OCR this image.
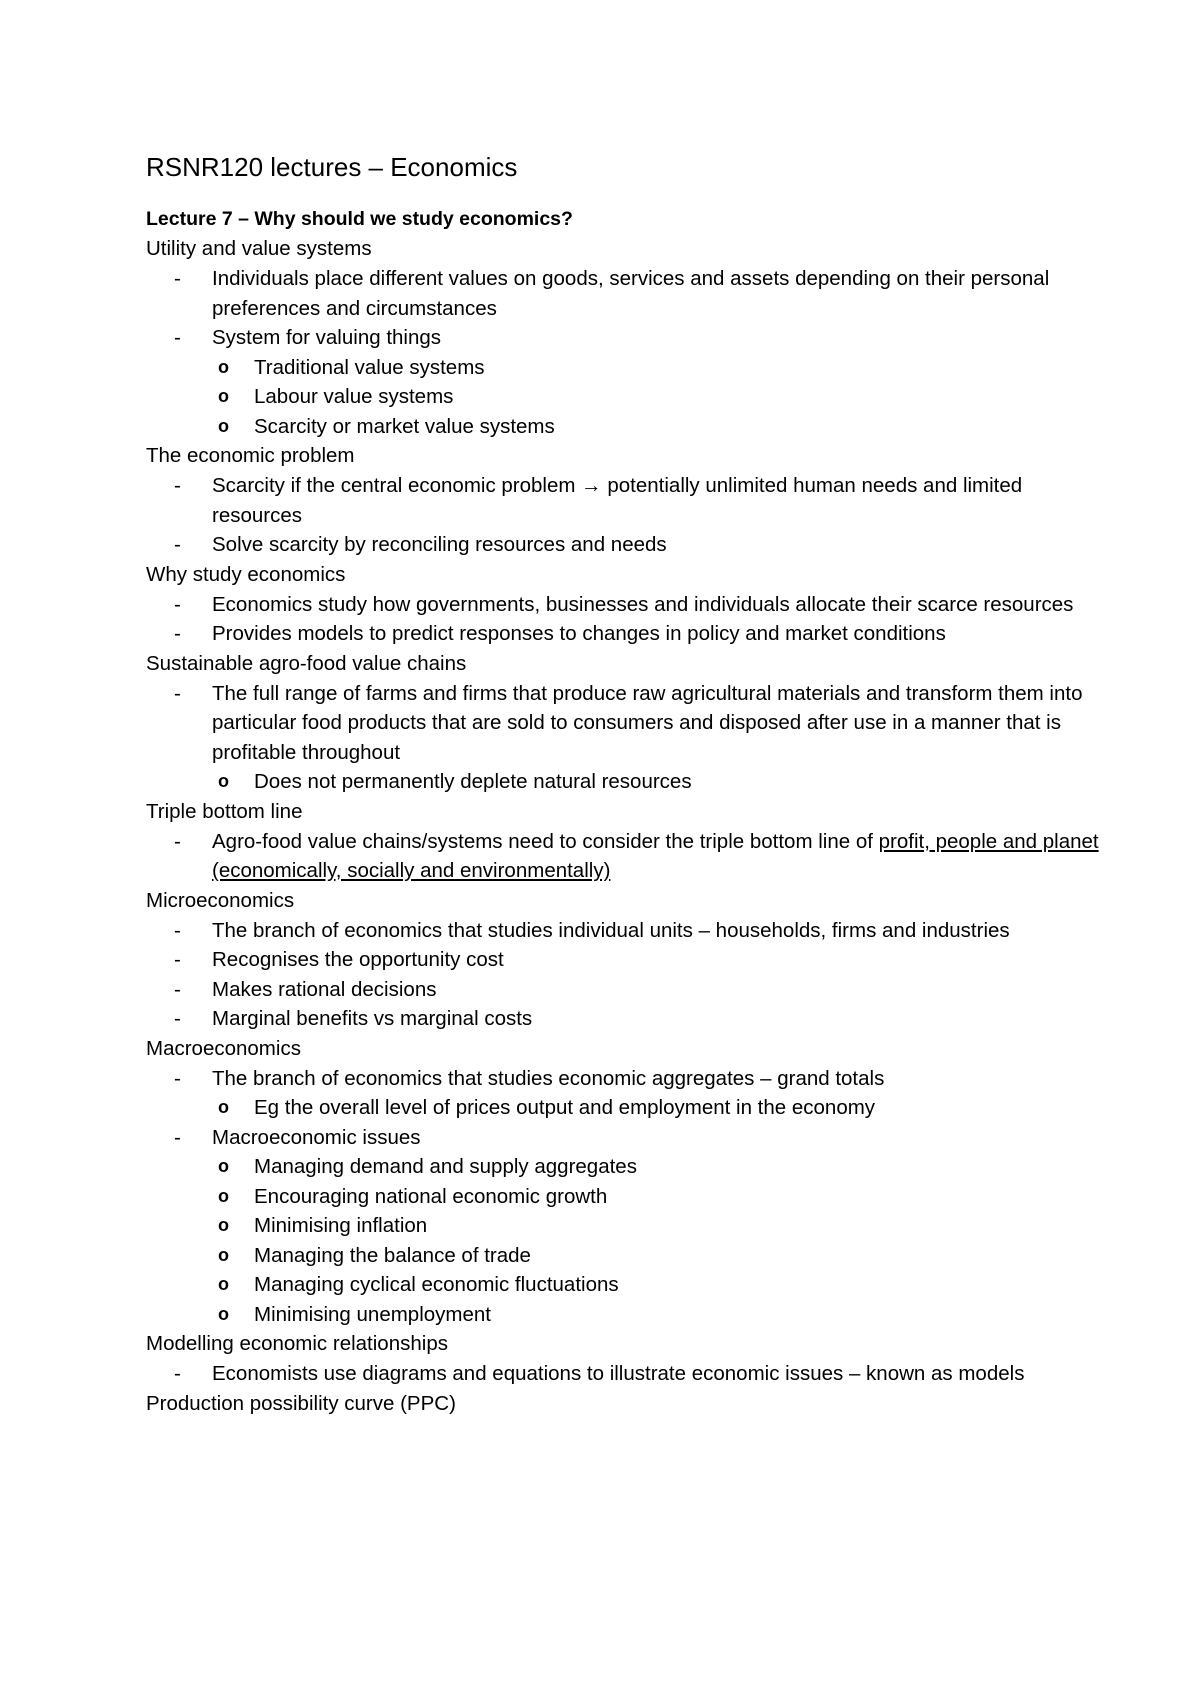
RSNR120 lectures – Economics
Lecture 7 – Why should we study economics?
Utility and value systems
- Individuals place different values on goods, services and assets depending on their personal preferences and circumstances
- System for valuing things
o Traditional value systems
o Labour value systems
o Scarcity or market value systems
The economic problem
- Scarcity if the central economic problem → potentially unlimited human needs and limited resources
- Solve scarcity by reconciling resources and needs
Why study economics
- Economics study how governments, businesses and individuals allocate their scarce resources
- Provides models to predict responses to changes in policy and market conditions
Sustainable agro-food value chains
- The full range of farms and firms that produce raw agricultural materials and transform them into particular food products that are sold to consumers and disposed after use in a manner that is profitable throughout
o Does not permanently deplete natural resources
Triple bottom line
- Agro-food value chains/systems need to consider the triple bottom line of profit, people and planet (economically, socially and environmentally)
Microeconomics
- The branch of economics that studies individual units – households, firms and industries
- Recognises the opportunity cost
- Makes rational decisions
- Marginal benefits vs marginal costs
Macroeconomics
- The branch of economics that studies economic aggregates – grand totals
o Eg the overall level of prices output and employment in the economy
- Macroeconomic issues
o Managing demand and supply aggregates
o Encouraging national economic growth
o Minimising inflation
o Managing the balance of trade
o Managing cyclical economic fluctuations
o Minimising unemployment
Modelling economic relationships
- Economists use diagrams and equations to illustrate economic issues – known as models
Production possibility curve (PPC)
